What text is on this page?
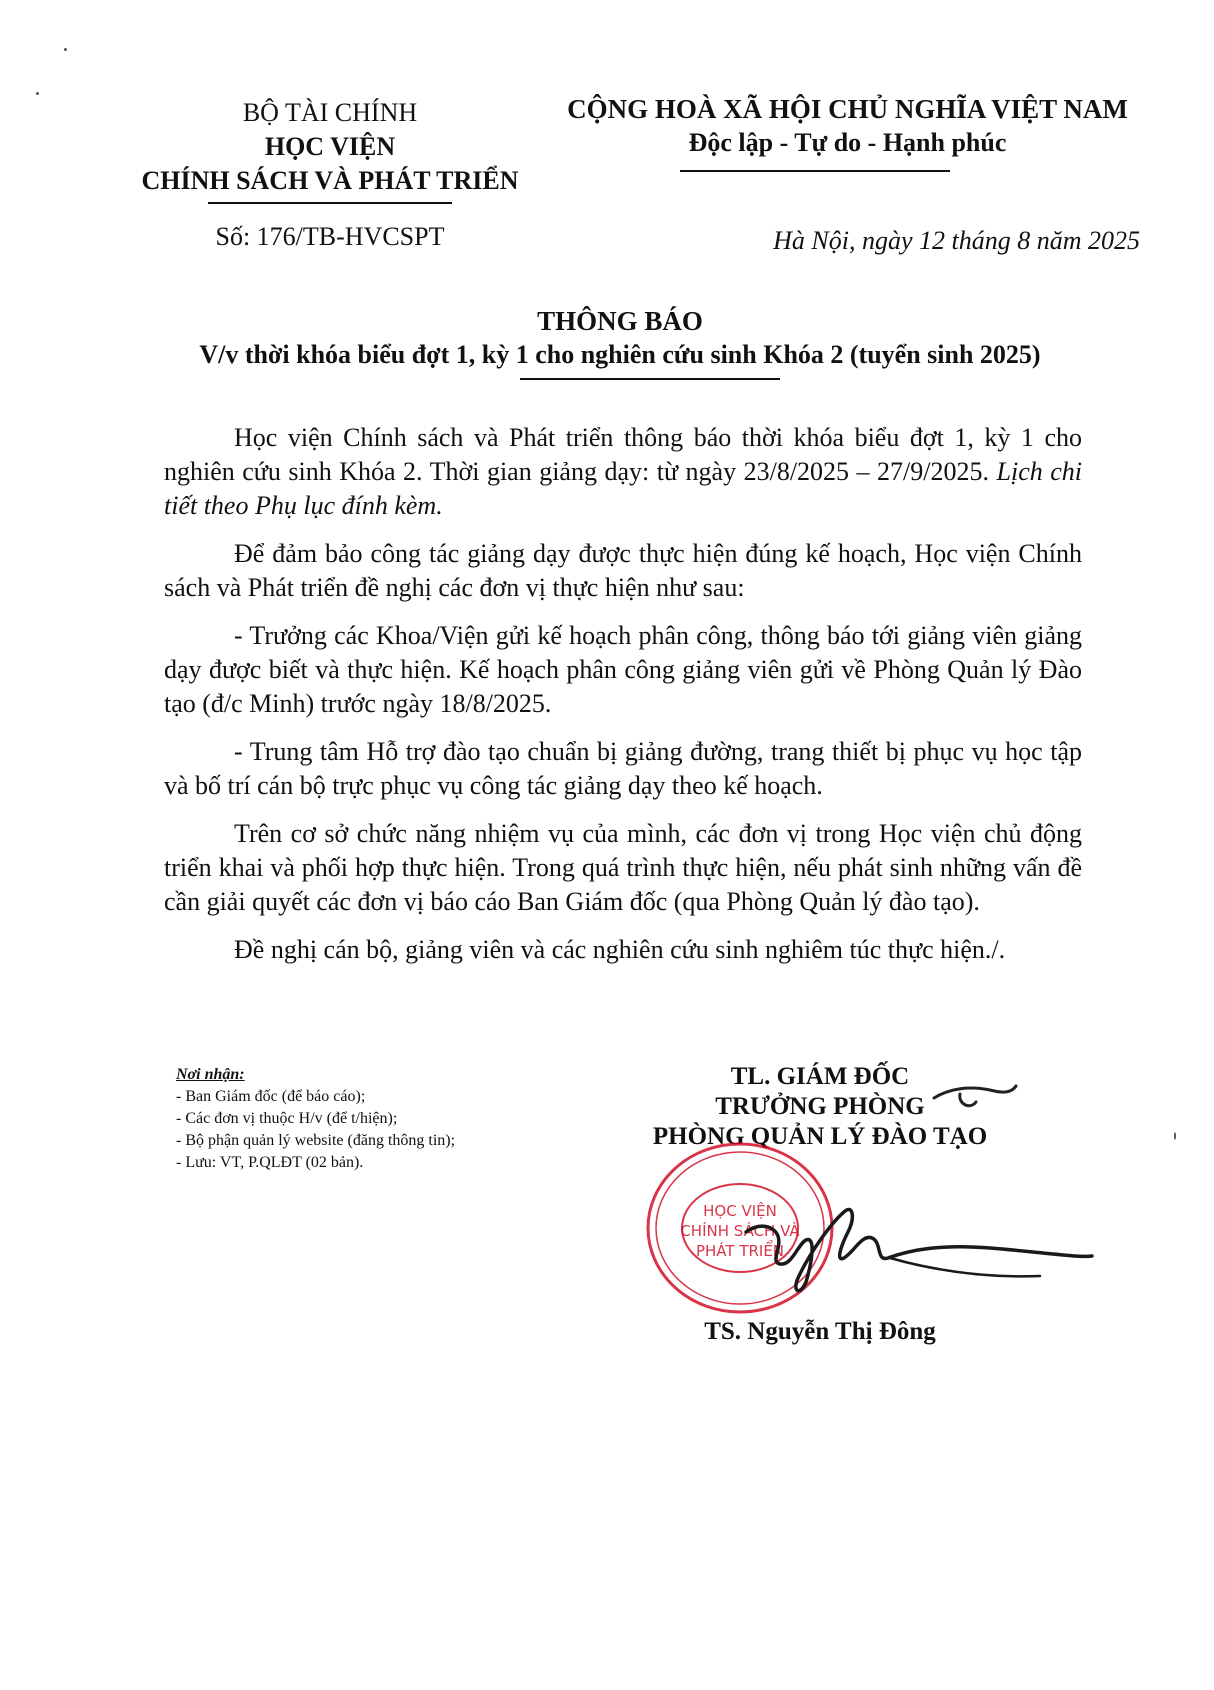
BỘ TÀI CHÍNH
HỌC VIỆN
CHÍNH SÁCH VÀ PHÁT TRIỂN
CỘNG HOÀ XÃ HỘI CHỦ NGHĨA VIỆT NAM
Độc lập - Tự do - Hạnh phúc
Số: 176/TB-HVCSPT	Hà Nội, ngày 12 tháng 8 năm 2025
THÔNG BÁO
V/v thời khóa biểu đợt 1, kỳ 1 cho nghiên cứu sinh Khóa 2 (tuyển sinh 2025)

Học viện Chính sách và Phát triển thông báo thời khóa biểu đợt 1, kỳ 1 cho nghiên cứu sinh Khóa 2. Thời gian giảng dạy: từ ngày 23/8/2025 – 27/9/2025. Lịch chi tiết theo Phụ lục đính kèm.

Để đảm bảo công tác giảng dạy được thực hiện đúng kế hoạch, Học viện Chính sách và Phát triển đề nghị các đơn vị thực hiện như sau:

- Trưởng các Khoa/Viện gửi kế hoạch phân công, thông báo tới giảng viên giảng dạy được biết và thực hiện. Kế hoạch phân công giảng viên gửi về Phòng Quản lý Đào tạo (đ/c Minh) trước ngày 18/8/2025.

- Trung tâm Hỗ trợ đào tạo chuẩn bị giảng đường, trang thiết bị phục vụ học tập và bố trí cán bộ trực phục vụ công tác giảng dạy theo kế hoạch.

Trên cơ sở chức năng nhiệm vụ của mình, các đơn vị trong Học viện chủ động triển khai và phối hợp thực hiện. Trong quá trình thực hiện, nếu phát sinh những vấn đề cần giải quyết các đơn vị báo cáo Ban Giám đốc (qua Phòng Quản lý đào tạo).

Đề nghị cán bộ, giảng viên và các nghiên cứu sinh nghiêm túc thực hiện./.

Nơi nhận:
- Ban Giám đốc (để báo cáo);
- Các đơn vị thuộc H/v (để t/hiện);
- Bộ phận quản lý website (đăng thông tin);
- Lưu: VT, P.QLĐT (02 bản).
TL. GIÁM ĐỐC
TRƯỞNG PHÒNG
PHÒNG QUẢN LÝ ĐÀO TẠO
HỌC VIỆN
CHÍNH SÁCH VÀ
PHÁT TRIỂN
TS. Nguyễn Thị Đông
